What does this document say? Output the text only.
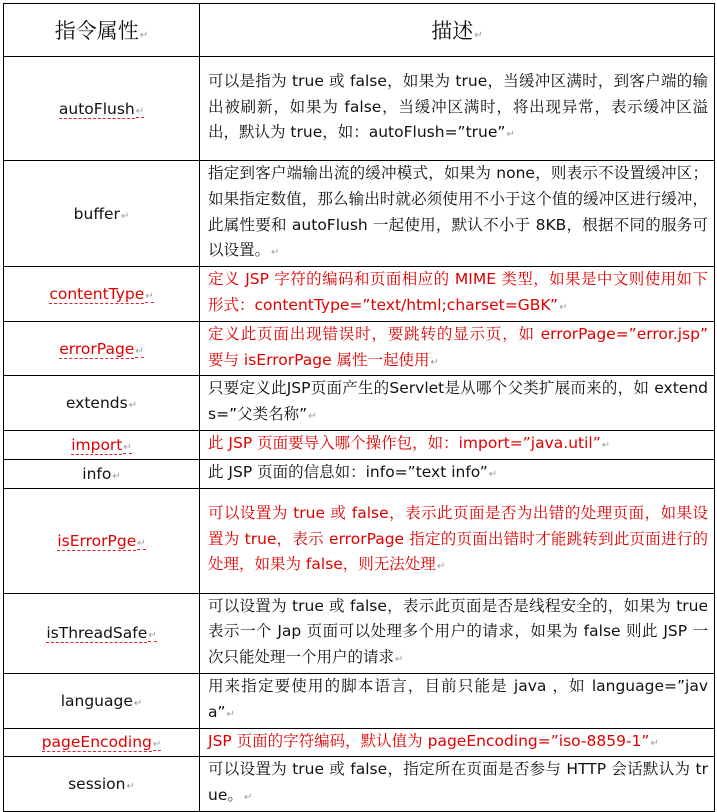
指令属性↵	描述↵
autoFlush↵	可以是指为 true 或 false，如果为 true，当缓冲区满时，到客户端的输出被刷新，如果为 false，当缓冲区满时，将出现异常，表示缓冲区溢出，默认为 true，如：autoFlush=”true”↵
buffer↵	指定到客户端输出流的缓冲模式，如果为 none，则表示不设置缓冲区；如果指定数值，那么输出时就必须使用不小于这个值的缓冲区进行缓冲，此属性要和 autoFlush 一起使用，默认不小于 8KB，根据不同的服务可以设置。↵
contentType↵	定义 JSP 字符的编码和页面相应的 MIME 类型，如果是中文则使用如下形式：contentType=”text/html;charset=GBK”↵
errorPage↵	定义此页面出现错误时，要跳转的显示页，如 errorPage=”error.jsp” 要与 isErrorPage 属性一起使用↵
extends↵	只要定义此JSP页面产生的Servlet是从哪个父类扩展而来的，如 extends=”父类名称”↵
import↵	此 JSP 页面要导入哪个操作包，如：import=”java.util”↵
info↵	此 JSP 页面的信息如：info=”text info”↵
isErrorPge↵	可以设置为 true 或 false，表示此页面是否为出错的处理页面，如果设置为 true，表示 errorPage 指定的页面出错时才能跳转到此页面进行的处理，如果为 false，则无法处理↵
isThreadSafe↵	可以设置为 true 或 false，表示此页面是否是线程安全的，如果为 true 表示一个 Jap 页面可以处理多个用户的请求，如果为 false 则此 JSP 一次只能处理一个用户的请求↵
language↵	用来指定要使用的脚本语言，目前只能是 java ，如 language=”java”↵
pageEncoding↵	JSP 页面的字符编码，默认值为 pageEncoding=”iso-8859-1”↵
session↵	可以设置为 true 或 false，指定所在页面是否参与 HTTP 会话默认为 true。↵
